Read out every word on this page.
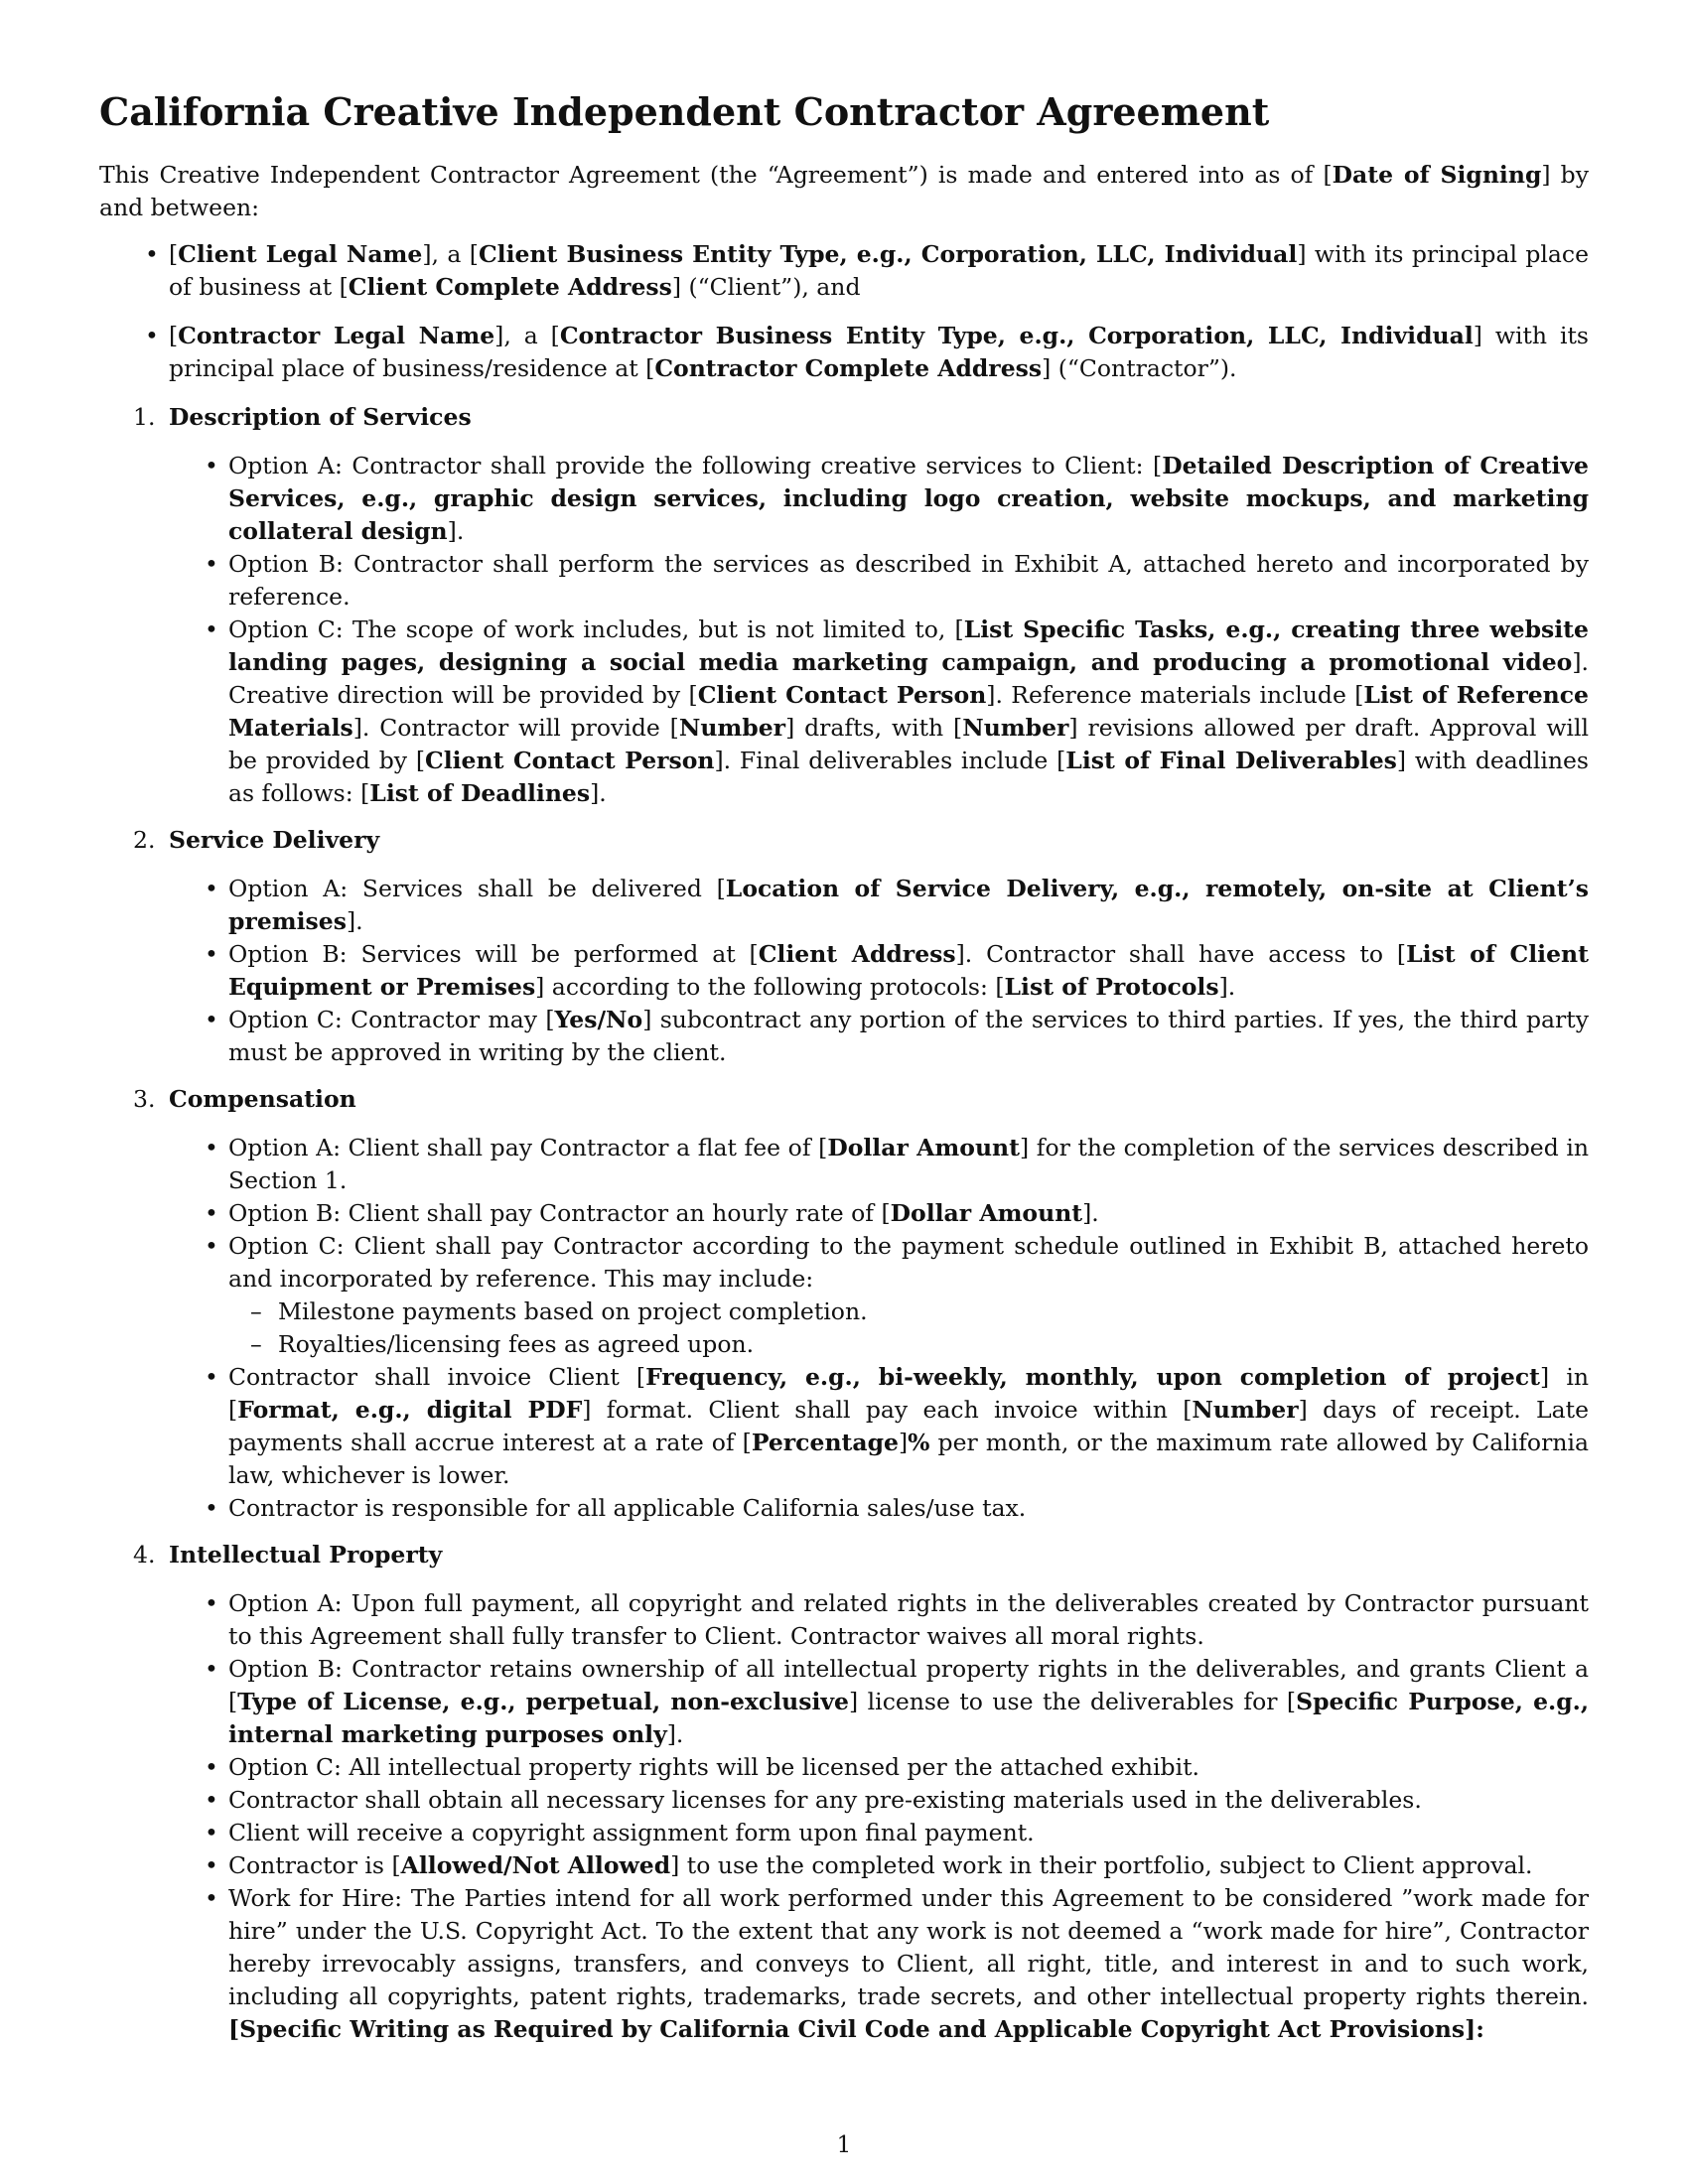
California Creative Independent Contractor Agreement

This Creative Independent Contractor Agreement (the “Agreement”) is made and entered into as of [Date of Signing] by and between:

• [Client Legal Name], a [Client Business Entity Type, e.g., Corporation, LLC, Individual] with its principal place of business at [Client Complete Address] (“Client”), and
• [Contractor Legal Name], a [Contractor Business Entity Type, e.g., Corporation, LLC, Individual] with its principal place of business/residence at [Contractor Complete Address] (“Contractor”).
1. Description of Services
• Option A: Contractor shall provide the following creative services to Client: [Detailed Description of Creative Services, e.g., graphic design services, including logo creation, website mockups, and marketing collateral design].
• Option B: Contractor shall perform the services as described in Exhibit A, attached hereto and incorporated by reference.
• Option C: The scope of work includes, but is not limited to, [List Specific Tasks, e.g., creating three website landing pages, designing a social media marketing campaign, and producing a promotional video]. Creative direction will be provided by [Client Contact Person]. Reference materials include [List of Reference Materials]. Contractor will provide [Number] drafts, with [Number] revisions allowed per draft. Approval will be provided by [Client Contact Person]. Final deliverables include [List of Final Deliverables] with deadlines as follows: [List of Deadlines].
2. Service Delivery
• Option A: Services shall be delivered [Location of Service Delivery, e.g., remotely, on-site at Client’s premises].
• Option B: Services will be performed at [Client Address]. Contractor shall have access to [List of Client Equipment or Premises] according to the following protocols: [List of Protocols].
• Option C: Contractor may [Yes/No] subcontract any portion of the services to third parties. If yes, the third party must be approved in writing by the client.
3. Compensation
• Option A: Client shall pay Contractor a flat fee of [Dollar Amount] for the completion of the services described in Section 1.
• Option B: Client shall pay Contractor an hourly rate of [Dollar Amount].
• Option C: Client shall pay Contractor according to the payment schedule outlined in Exhibit B, attached hereto and incorporated by reference. This may include:
– Milestone payments based on project completion.
– Royalties/licensing fees as agreed upon.
• Contractor shall invoice Client [Frequency, e.g., bi-weekly, monthly, upon completion of project] in [Format, e.g., digital PDF] format. Client shall pay each invoice within [Number] days of receipt. Late payments shall accrue interest at a rate of [Percentage]% per month, or the maximum rate allowed by California law, whichever is lower.
• Contractor is responsible for all applicable California sales/use tax.
4. Intellectual Property
• Option A: Upon full payment, all copyright and related rights in the deliverables created by Contractor pursuant to this Agreement shall fully transfer to Client. Contractor waives all moral rights.
• Option B: Contractor retains ownership of all intellectual property rights in the deliverables, and grants Client a [Type of License, e.g., perpetual, non-exclusive] license to use the deliverables for [Specific Purpose, e.g., internal marketing purposes only].
• Option C: All intellectual property rights will be licensed per the attached exhibit.
• Contractor shall obtain all necessary licenses for any pre-existing materials used in the deliverables.
• Client will receive a copyright assignment form upon final payment.
• Contractor is [Allowed/Not Allowed] to use the completed work in their portfolio, subject to Client approval.
• Work for Hire: The Parties intend for all work performed under this Agreement to be considered ”work made for hire” under the U.S. Copyright Act. To the extent that any work is not deemed a “work made for hire”, Contractor hereby irrevocably assigns, transfers, and conveys to Client, all right, title, and interest in and to such work, including all copyrights, patent rights, trademarks, trade secrets, and other intellectual property rights therein. [Specific Writing as Required by California Civil Code and Applicable Copyright Act Provisions]:
1
